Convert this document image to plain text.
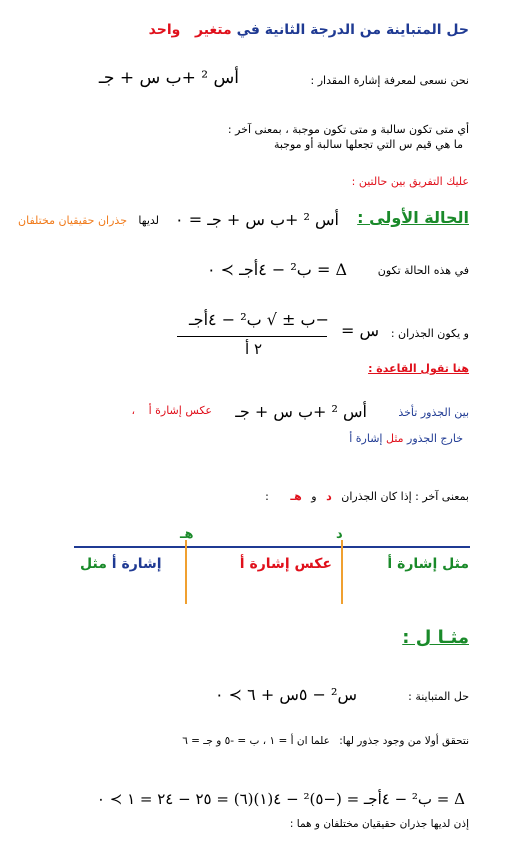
حل المتباينة من الدرجة الثانية في متغير   واحد
نحن نسعى لمعرفة إشارة المقدار :
أس ² +ب س + جـ
أي متى تكون سالبة و متى تكون موجبة ، بمعنى آخر :
ما هي قيم س التي تجعلها سالبة أو موجبة
عليك التفريق بين حالتين :
الحالة الأولى :
أس ² +ب س + جـ = ٠
لديها
جذران حقيقيان مختلفان
في هذه الحالة تكون
Δ = ب² − ٤أجـ ≻ ٠
و يكون الجذران :
س =
−ب ± √ ب² − ٤أجـ
٢ أ
هنا تقول القاعدة :
بين الجذور تأخذ
أس ² +ب س + جـ
عكس إشارة أ
،
خارج الجذور مثل إشارة أ
بمعنى آخر : إذا كان الجذران د و هـ :
هـ	د
مثل إشارة أ
عكس إشارة أ
إشارة أ مثل
مثـا ل :
حل المتباينة :
س² − ٥س + ٦ ≻ ٠
نتحقق أولا من وجود جذور لها: علما ان أ = ١ ، ب = -٥ و جـ = ٦
Δ = ب² − ٤أجـ = (−٥)² − ٤(١)(٦) = ٢٥ − ٢٤ = ١ ≻ ٠
إذن لديها جذران حقيقيان مختلفان و هما :
